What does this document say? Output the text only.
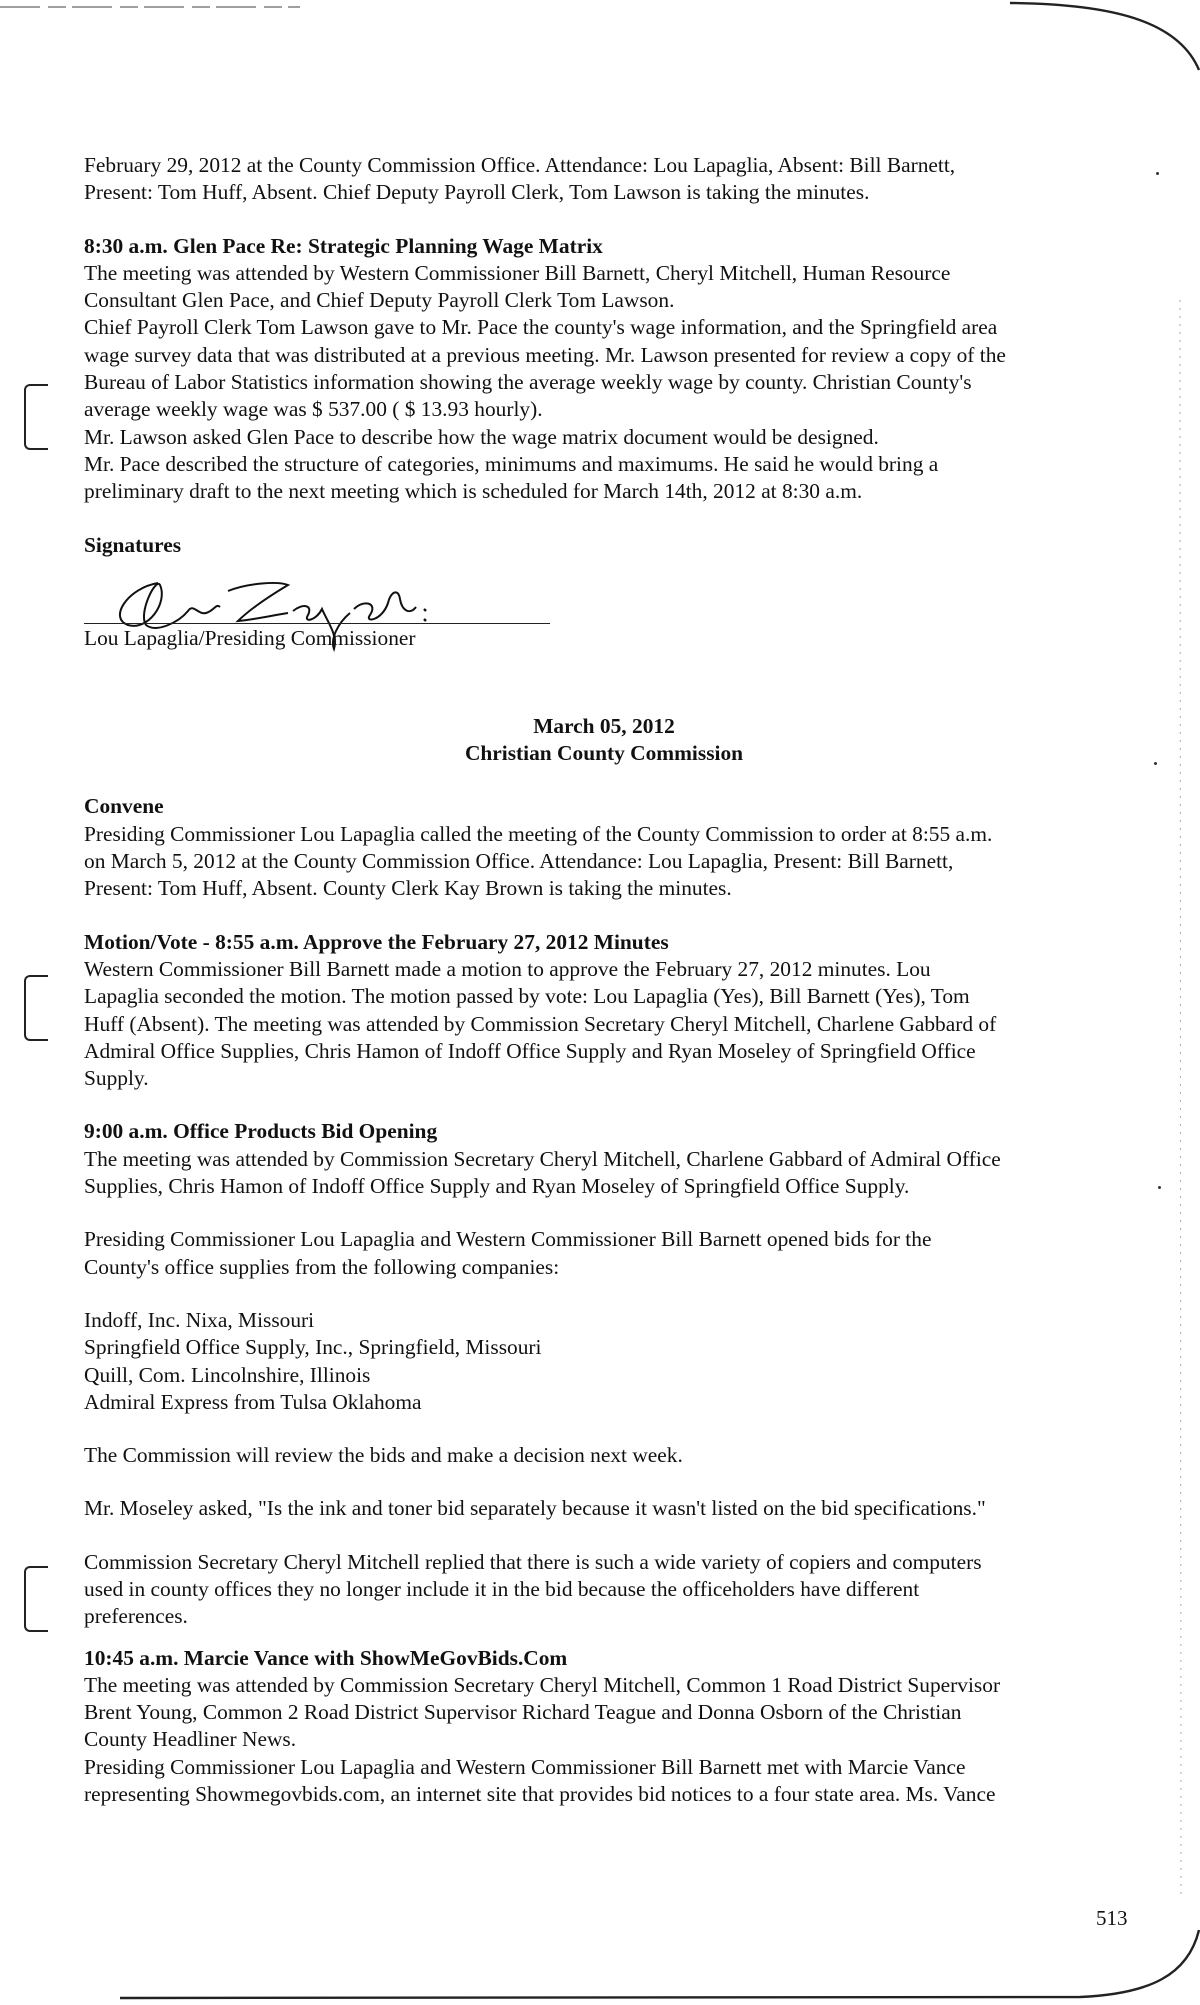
February 29, 2012 at the County Commission Office. Attendance: Lou Lapaglia, Absent: Bill Barnett,

Present: Tom Huff, Absent. Chief Deputy Payroll Clerk, Tom Lawson is taking the minutes.

8:30 a.m. Glen Pace Re: Strategic Planning Wage Matrix

The meeting was attended by Western Commissioner Bill Barnett, Cheryl Mitchell, Human Resource

Consultant Glen Pace, and Chief Deputy Payroll Clerk Tom Lawson.

Chief Payroll Clerk Tom Lawson gave to Mr. Pace the county's wage information, and the Springfield area

wage survey data that was distributed at a previous meeting. Mr. Lawson presented for review a copy of the

Bureau of Labor Statistics information showing the average weekly wage by county. Christian County's

average weekly wage was $ 537.00 ( $ 13.93 hourly).

Mr. Lawson asked Glen Pace to describe how the wage matrix document would be designed.

Mr. Pace described the structure of categories, minimums and maximums. He said he would bring a

preliminary draft to the next meeting which is scheduled for March 14th, 2012 at 8:30 a.m.

Signatures

Lou Lapaglia/Presiding Commissioner

March 05, 2012

Christian County Commission

Convene

Presiding Commissioner Lou Lapaglia called the meeting of the County Commission to order at 8:55 a.m.

on March 5, 2012 at the County Commission Office. Attendance: Lou Lapaglia, Present: Bill Barnett,

Present: Tom Huff, Absent. County Clerk Kay Brown is taking the minutes.

Motion/Vote - 8:55 a.m. Approve the February 27, 2012 Minutes

Western Commissioner Bill Barnett made a motion to approve the February 27, 2012 minutes. Lou

Lapaglia seconded the motion. The motion passed by vote: Lou Lapaglia (Yes), Bill Barnett (Yes), Tom

Huff (Absent). The meeting was attended by Commission Secretary Cheryl Mitchell, Charlene Gabbard of

Admiral Office Supplies, Chris Hamon of Indoff Office Supply and Ryan Moseley of Springfield Office

Supply.

9:00 a.m. Office Products Bid Opening

The meeting was attended by Commission Secretary Cheryl Mitchell, Charlene Gabbard of Admiral Office

Supplies, Chris Hamon of Indoff Office Supply and Ryan Moseley of Springfield Office Supply.

Presiding Commissioner Lou Lapaglia and Western Commissioner Bill Barnett opened bids for the

County's office supplies from the following companies:

Indoff, Inc. Nixa, Missouri

Springfield Office Supply, Inc., Springfield, Missouri

Quill, Com. Lincolnshire, Illinois

Admiral Express from Tulsa Oklahoma

The Commission will review the bids and make a decision next week.

Mr. Moseley asked, "Is the ink and toner bid separately because it wasn't listed on the bid specifications."

Commission Secretary Cheryl Mitchell replied that there is such a wide variety of copiers and computers

used in county offices they no longer include it in the bid because the officeholders have different

preferences.

10:45 a.m. Marcie Vance with ShowMeGovBids.Com

The meeting was attended by Commission Secretary Cheryl Mitchell, Common 1 Road District Supervisor

Brent Young, Common 2 Road District Supervisor Richard Teague and Donna Osborn of the Christian

County Headliner News.

Presiding Commissioner Lou Lapaglia and Western Commissioner Bill Barnett met with Marcie Vance

representing Showmegovbids.com, an internet site that provides bid notices to a four state area. Ms. Vance

513
